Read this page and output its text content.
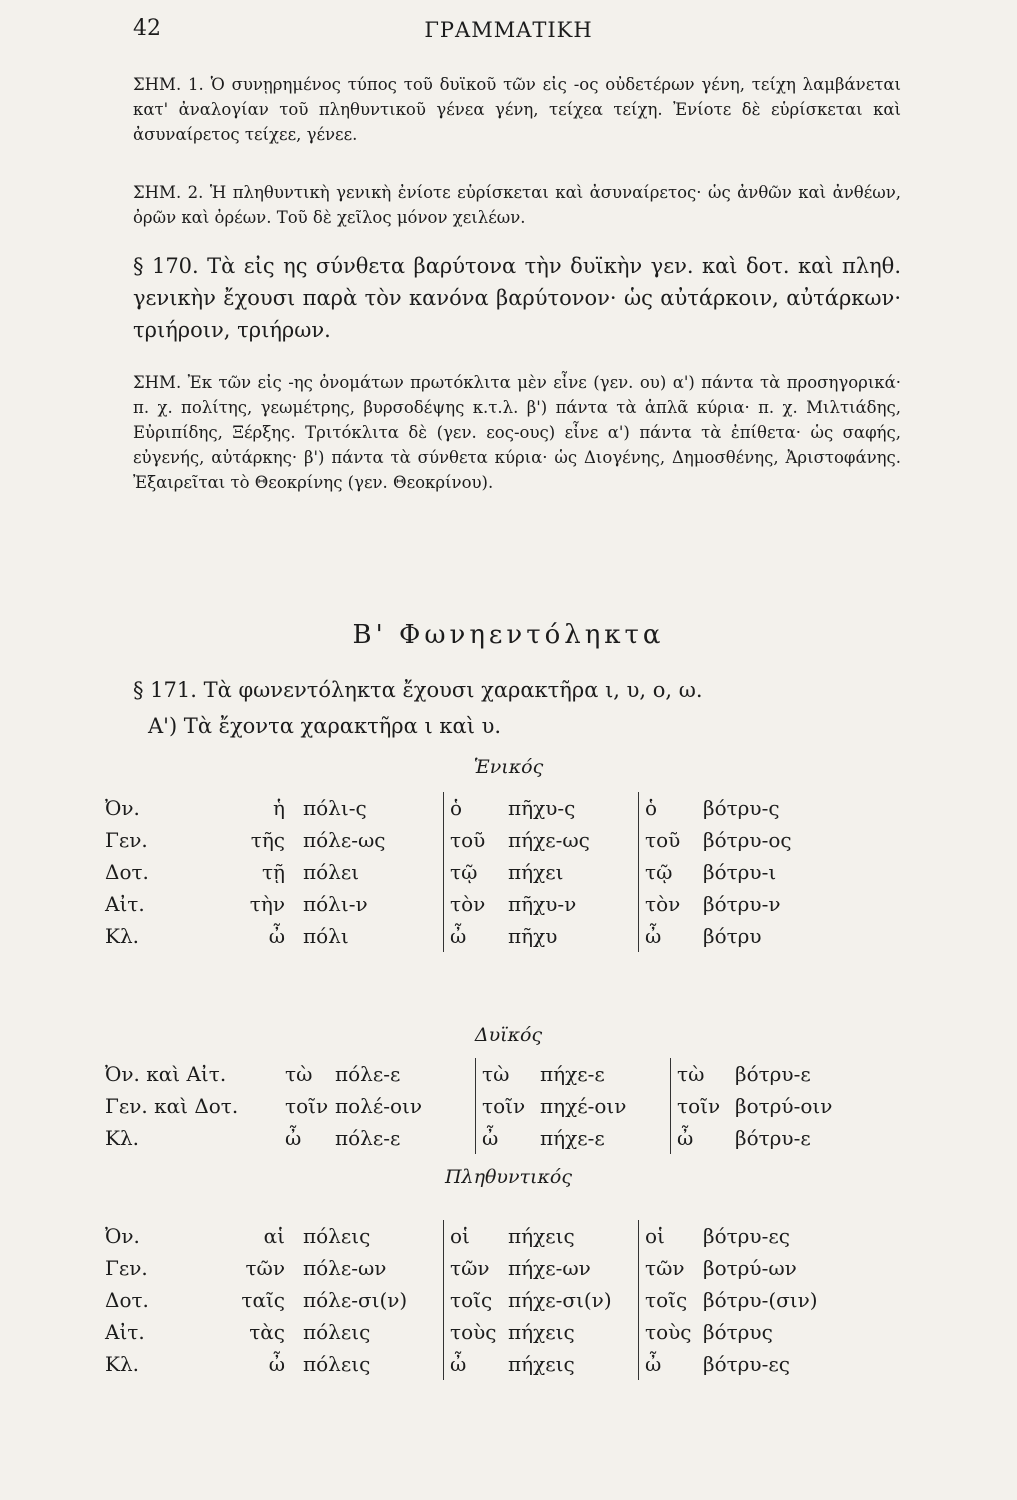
42	ΓΡΑΜΜΑΤΙΚΗ
ΣΗΜ. 1. Ὁ συνῃρημένος τύπος τοῦ δυϊκοῦ τῶν εἰς -ος οὐδετέρων γένη, τείχη λαμβάνεται κατ' ἀναλογίαν τοῦ πληθυντικοῦ γένεα γένη, τείχεα τείχη. Ἐνίοτε δὲ εὑρίσκεται καὶ ἀσυναίρετος τείχεε, γένεε.
ΣΗΜ. 2. Ἡ πληθυντικὴ γενικὴ ἐνίοτε εὑρίσκεται καὶ ἀσυναίρετος· ὡς ἀνθῶν καὶ ἀνθέων, ὀρῶν καὶ ὀρέων. Τοῦ δὲ χεῖλος μόνον χειλέων.
§ 170. Τὰ εἰς ης σύνθετα βαρύτονα τὴν δυϊκὴν γεν. καὶ δοτ. καὶ πληθ. γενικὴν ἔχουσι παρὰ τὸν κανόνα βαρύτονον· ὡς αὐτάρκοιν, αὐτάρκων· τριήροιν, τριήρων.
ΣΗΜ. Ἐκ τῶν εἰς -ης ὀνομάτων πρωτόκλιτα μὲν εἶνε (γεν. ου) α') πάντα τὰ προσηγορικά· π. χ. πολίτης, γεωμέτρης, βυρσοδέψης κ.τ.λ. β') πάντα τὰ ἁπλᾶ κύρια· π. χ. Μιλτιάδης, Εὐριπίδης, Ξέρξης. Τριτόκλιτα δὲ (γεν. εος-ους) εἶνε α') πάντα τὰ ἐπίθετα· ὡς σαφής, εὐγενής, αὐτάρκης· β') πάντα τὰ σύνθετα κύρια· ὡς Διογένης, Δημοσθένης, Ἀριστοφάνης. Ἐξαιρεῖται τὸ Θεοκρίνης (γεν. Θεοκρίνου).
Β' Φωνηεντόληκτα
§ 171. Τὰ φωνεντόληκτα ἔχουσι χαρακτῆρα ι, υ, ο, ω.
Α') Τὰ ἔχοντα χαρακτῆρα ι καὶ υ.
Ἑνικός
Ὀν.	ἡ	πόλι-ς	ὁ	πῆχυ-ς	ὁ	βότρυ-ς
Γεν.	τῆς	πόλε-ως	τοῦ	πήχε-ως	τοῦ	βότρυ-ος
Δοτ.	τῇ	πόλει	τῷ	πήχει	τῷ	βότρυ-ι
Αἰτ.	τὴν	πόλι-ν	τὸν	πῆχυ-ν	τὸν	βότρυ-ν
Κλ.	ὦ	πόλι	ὦ	πῆχυ	ὦ	βότρυ
Δυϊκός
Ὀν. καὶ Αἰτ.	τὼ	πόλε-ε	τὼ	πήχε-ε	τὼ	βότρυ-ε
Γεν. καὶ Δοτ.	τοῖν	πολέ-οιν	τοῖν	πηχέ-οιν	τοῖν	βοτρύ-οιν
Κλ.	ὦ	πόλε-ε	ὦ	πήχε-ε	ὦ	βότρυ-ε
Πληθυντικός
Ὀν.	αἱ	πόλεις	οἱ	πήχεις	οἱ	βότρυ-ες
Γεν.	τῶν	πόλε-ων	τῶν	πήχε-ων	τῶν	βοτρύ-ων
Δοτ.	ταῖς	πόλε-σι(ν)	τοῖς	πήχε-σι(ν)	τοῖς	βότρυ-(σιν)
Αἰτ.	τὰς	πόλεις	τοὺς	πήχεις	τοὺς	βότρυς
Κλ.	ὦ	πόλεις	ὦ	πήχεις	ὦ	βότρυ-ες
